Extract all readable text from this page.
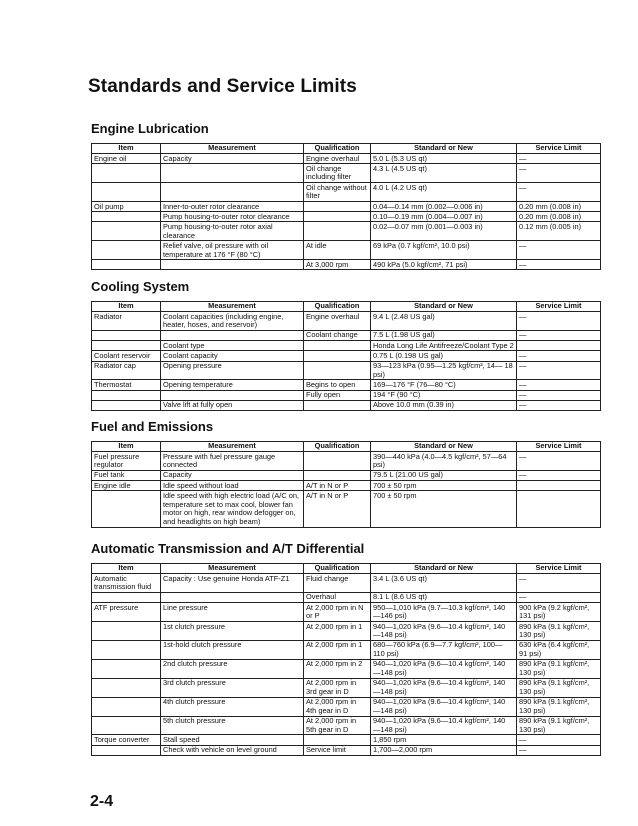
Standards and Service Limits
Engine Lubrication
Item	Measurement	Qualification	Standard or New	Service Limit
Engine oil	Capacity	Engine overhaul	5.0 L (5.3 US qt)	—
		Oil change including filter	4.3 L (4.5 US qt)	—
		Oil change without filter	4.0 L (4.2 US qt)	—
Oil pump	Inner-to-outer rotor clearance		0.04—0.14 mm (0.002—0.006 in)	0.20 mm (0.008 in)
	Pump housing-to-outer rotor clearance		0.10—0.19 mm (0.004—0.007 in)	0.20 mm (0.008 in)
	Pump housing-to-outer rotor axial clearance		0.02—0.07 mm (0.001—0.003 in)	0.12 mm (0.005 in)
	Relief valve, oil pressure with oil temperature at 176 °F (80 °C)	At idle	69 kPa (0.7 kgf/cm², 10.0 psi)	—
		At 3,000 rpm	490 kPa (5.0 kgf/cm², 71 psi)	—
Cooling System
Item	Measurement	Qualification	Standard or New	Service Limit
Radiator	Coolant capacities (including engine, heater, hoses, and reservoir)	Engine overhaul	9.4 L (2.48 US gal)	—
		Coolant change	7.5 L (1.98 US gal)	—
	Coolant type		Honda Long Life Antifreeze/Coolant Type 2	
Coolant reservoir	Coolant capacity		0.75 L (0.198 US gal)	—
Radiator cap	Opening pressure		93—123 kPa (0.95—1.25 kgf/cm², 14— 18 psi)	—
Thermostat	Opening temperature	Begins to open	169—176 °F (76—80 °C)	—
		Fully open	194 °F (90 °C)	—
	Valve lift at fully open		Above 10.0 mm (0.39 in)	—
Fuel and Emissions
Item	Measurement	Qualification	Standard or New	Service Limit
Fuel pressure regulator	Pressure with fuel pressure gauge connected		390—440 kPa (4.0—4.5 kgf/cm², 57—64 psi)	—
Fuel tank	Capacity		79.5 L (21.00 US gal)	—
Engine idle	Idle speed without load	A/T in N or P	700 ± 50 rpm	
	Idle speed with high electric load (A/C on, temperature set to max cool, blower fan motor on high, rear window defogger on, and headlights on high beam)	A/T in N or P	700 ± 50 rpm	
Automatic Transmission and A/T Differential
Item	Measurement	Qualification	Standard or New	Service Limit
Automatic transmission fluid	Capacity : Use genuine Honda ATF-Z1	Fluid change	3.4 L (3.6 US qt)	—
		Overhaul	8.1 L (8.6 US qt)	—
ATF pressure	Line pressure	At 2,000 rpm in N or P	950—1,010 kPa (9.7—10.3 kgf/cm², 140 —146 psi)	900 kPa (9.2 kgf/cm², 131 psi)
	1st clutch pressure	At 2,000 rpm in 1	940—1,020 kPa (9.6—10.4 kgf/cm², 140 —148 psi)	890 kPa (9.1 kgf/cm², 130 psi)
	1st-hold clutch pressure	At 2,000 rpm in 1	680—760 kPa (6.9—7.7 kgf/cm², 100— 110 psi)	630 kPa (6.4 kgf/cm², 91 psi)
	2nd clutch pressure	At 2,000 rpm in 2	940—1,020 kPa (9.6—10.4 kgf/cm², 140 —148 psi)	890 kPa (9.1 kgf/cm², 130 psi)
	3rd clutch pressure	At 2,000 rpm in 3rd gear in D	940—1,020 kPa (9.6—10.4 kgf/cm², 140 —148 psi)	890 kPa (9.1 kgf/cm², 130 psi)
	4th clutch pressure	At 2,000 rpm in 4th gear in D	940—1,020 kPa (9.6—10.4 kgf/cm², 140 —148 psi)	890 kPa (9.1 kgf/cm², 130 psi)
	5th clutch pressure	At 2,000 rpm in 5th gear in D	940—1,020 kPa (9.6—10.4 kgf/cm², 140 —148 psi)	890 kPa (9.1 kgf/cm², 130 psi)
Torque converter	Stall speed		1,850 rpm	—
	Check with vehicle on level ground	Service limit	1,700—2,000 rpm	—
2-4
